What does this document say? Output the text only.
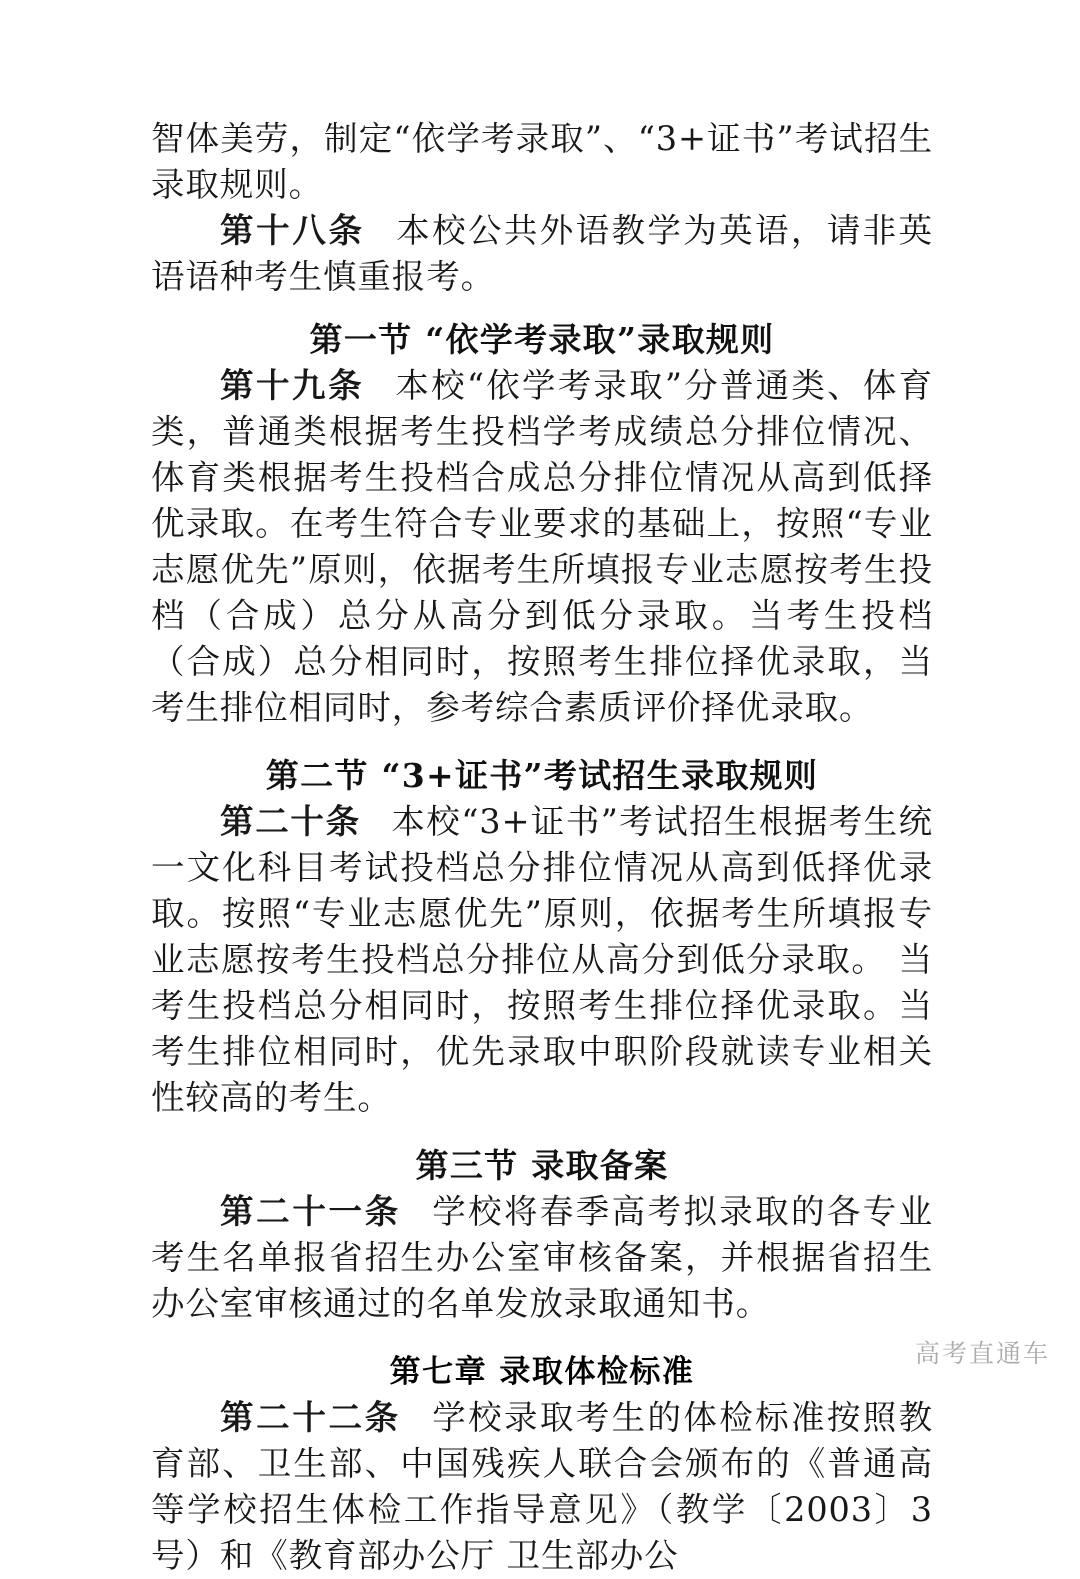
智体美劳，制定“依学考录取”、“3+证书”考试招生录取规则。

第十八条 本校公共外语教学为英语，请非英语语种考生慎重报考。

第一节 “依学考录取”录取规则

第十九条 本校“依学考录取”分普通类、体育类，普通类根据考生投档学考成绩总分排位情况、体育类根据考生投档合成总分排位情况从高到低择优录取。在考生符合专业要求的基础上，按照“专业志愿优先”原则，依据考生所填报专业志愿按考生投档（合成）总分从高分到低分录取。当考生投档（合成）总分相同时，按照考生排位择优录取，当考生排位相同时，参考综合素质评价择优录取。

第二节 “3+证书”考试招生录取规则

第二十条 本校“3+证书”考试招生根据考生统一文化科目考试投档总分排位情况从高到低择优录取。按照“专业志愿优先”原则，依据考生所填报专业志愿按考生投档总分排位从高分到低分录取。 当考生投档总分相同时，按照考生排位择优录取。当考生排位相同时，优先录取中职阶段就读专业相关性较高的考生。

第三节 录取备案

第二十一条 学校将春季高考拟录取的各专业考生名单报省招生办公室审核备案，并根据省招生办公室审核通过的名单发放录取通知书。

第七章 录取体检标准

第二十二条 学校录取考生的体检标准按照教育部、卫生部、中国残疾人联合会颁布的《普通高等学校招生体检工作指导意见》（教学〔2003〕3号）和《教育部办公厅 卫生部办公

高考直通车
